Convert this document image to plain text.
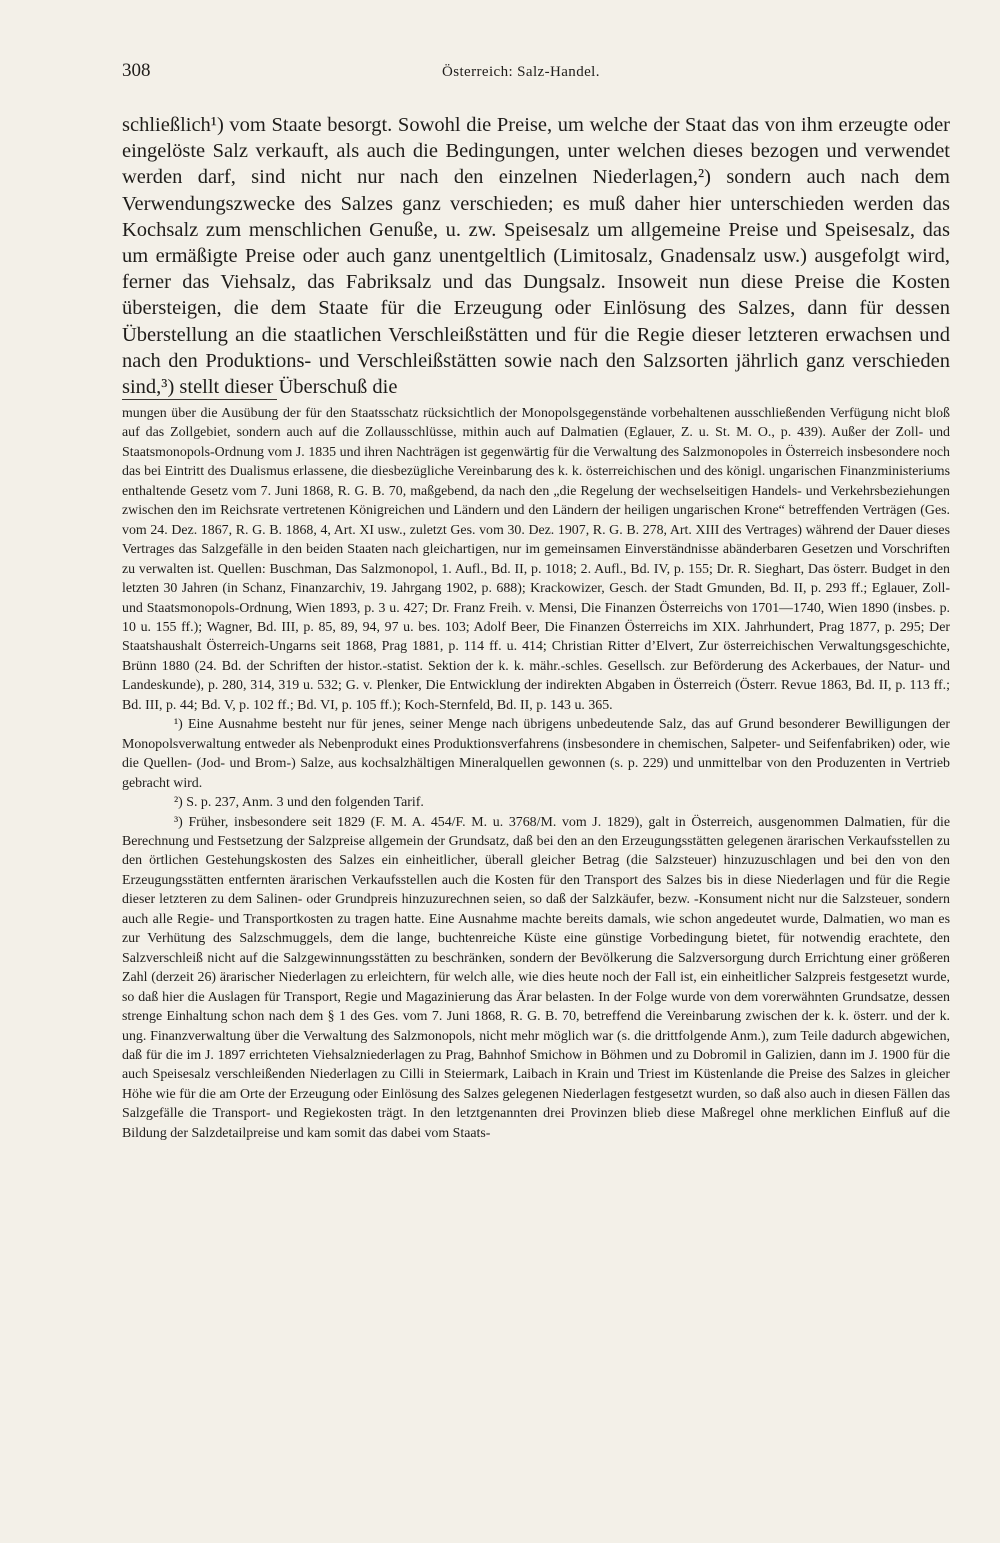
308	Österreich: Salz-Handel.

schließlich¹) vom Staate besorgt. Sowohl die Preise, um welche der Staat das von ihm erzeugte oder eingelöste Salz verkauft, als auch die Bedingungen, unter welchen dieses bezogen und verwendet werden darf, sind nicht nur nach den einzelnen Niederlagen,²) sondern auch nach dem Verwendungszwecke des Salzes ganz verschieden; es muß daher hier unterschieden werden das Kochsalz zum menschlichen Genuße, u. zw. Speisesalz um allgemeine Preise und Speisesalz, das um ermäßigte Preise oder auch ganz unentgeltlich (Limitosalz, Gnadensalz usw.) ausgefolgt wird, ferner das Viehsalz, das Fabriksalz und das Dungsalz. Insoweit nun diese Preise die Kosten übersteigen, die dem Staate für die Erzeugung oder Einlösung des Salzes, dann für dessen Überstellung an die staatlichen Verschleißstätten und für die Regie dieser letzteren erwachsen und nach den Produktions- und Verschleißstätten sowie nach den Salzsorten jährlich ganz verschieden sind,³) stellt dieser Überschuß die

mungen über die Ausübung der für den Staatsschatz rücksichtlich der Monopolsgegenstände vorbehaltenen ausschließenden Verfügung nicht bloß auf das Zollgebiet, sondern auch auf die Zollausschlüsse, mithin auch auf Dalmatien (Eglauer, Z. u. St. M. O., p. 439). Außer der Zoll- und Staatsmonopols-Ordnung vom J. 1835 und ihren Nachträgen ist gegenwärtig für die Verwaltung des Salzmonopoles in Österreich insbesondere noch das bei Eintritt des Dualismus erlassene, die diesbezügliche Vereinbarung des k. k. österreichischen und des königl. ungarischen Finanzministeriums enthaltende Gesetz vom 7. Juni 1868, R. G. B. 70, maßgebend, da nach den „die Regelung der wechselseitigen Handels- und Verkehrsbeziehungen zwischen den im Reichsrate vertretenen Königreichen und Ländern und den Ländern der heiligen ungarischen Krone“ betreffenden Verträgen (Ges. vom 24. Dez. 1867, R. G. B. 1868, 4, Art. XI usw., zuletzt Ges. vom 30. Dez. 1907, R. G. B. 278, Art. XIII des Vertrages) während der Dauer dieses Vertrages das Salzgefälle in den beiden Staaten nach gleichartigen, nur im gemeinsamen Einverständnisse abänderbaren Gesetzen und Vorschriften zu verwalten ist. Quellen: Buschman, Das Salzmonopol, 1. Aufl., Bd. II, p. 1018; 2. Aufl., Bd. IV, p. 155; Dr. R. Sieghart, Das österr. Budget in den letzten 30 Jahren (in Schanz, Finanzarchiv, 19. Jahrgang 1902, p. 688); Krackowizer, Gesch. der Stadt Gmunden, Bd. II, p. 293 ff.; Eglauer, Zoll- und Staatsmonopols-Ordnung, Wien 1893, p. 3 u. 427; Dr. Franz Freih. v. Mensi, Die Finanzen Österreichs von 1701—1740, Wien 1890 (insbes. p. 10 u. 155 ff.); Wagner, Bd. III, p. 85, 89, 94, 97 u. bes. 103; Adolf Beer, Die Finanzen Österreichs im XIX. Jahrhundert, Prag 1877, p. 295; Der Staatshaushalt Österreich-Ungarns seit 1868, Prag 1881, p. 114 ff. u. 414; Christian Ritter d’Elvert, Zur österreichischen Verwaltungsgeschichte, Brünn 1880 (24. Bd. der Schriften der histor.-statist. Sektion der k. k. mähr.-schles. Gesellsch. zur Beförderung des Ackerbaues, der Natur- und Landeskunde), p. 280, 314, 319 u. 532; G. v. Plenker, Die Entwicklung der indirekten Abgaben in Österreich (Österr. Revue 1863, Bd. II, p. 113 ff.; Bd. III, p. 44; Bd. V, p. 102 ff.; Bd. VI, p. 105 ff.); Koch-Sternfeld, Bd. II, p. 143 u. 365.

¹) Eine Ausnahme besteht nur für jenes, seiner Menge nach übrigens unbedeutende Salz, das auf Grund besonderer Bewilligungen der Monopolsverwaltung entweder als Nebenprodukt eines Produktionsverfahrens (insbesondere in chemischen, Salpeter- und Seifenfabriken) oder, wie die Quellen- (Jod- und Brom-) Salze, aus kochsalzhältigen Mineralquellen gewonnen (s. p. 229) und unmittelbar von den Produzenten in Vertrieb gebracht wird.

²) S. p. 237, Anm. 3 und den folgenden Tarif.

³) Früher, insbesondere seit 1829 (F. M. A. 454/F. M. u. 3768/M. vom J. 1829), galt in Österreich, ausgenommen Dalmatien, für die Berechnung und Festsetzung der Salzpreise allgemein der Grundsatz, daß bei den an den Erzeugungsstätten gelegenen ärarischen Verkaufsstellen zu den örtlichen Gestehungskosten des Salzes ein einheitlicher, überall gleicher Betrag (die Salzsteuer) hinzuzuschlagen und bei den von den Erzeugungsstätten entfernten ärarischen Verkaufsstellen auch die Kosten für den Transport des Salzes bis in diese Niederlagen und für die Regie dieser letzteren zu dem Salinen- oder Grundpreis hinzuzurechnen seien, so daß der Salzkäufer, bezw. -Konsument nicht nur die Salzsteuer, sondern auch alle Regie- und Transportkosten zu tragen hatte. Eine Ausnahme machte bereits damals, wie schon angedeutet wurde, Dalmatien, wo man es zur Verhütung des Salzschmuggels, dem die lange, buchtenreiche Küste eine günstige Vorbedingung bietet, für notwendig erachtete, den Salzverschleiß nicht auf die Salzgewinnungsstätten zu beschränken, sondern der Bevölkerung die Salzversorgung durch Errichtung einer größeren Zahl (derzeit 26) ärarischer Niederlagen zu erleichtern, für welch alle, wie dies heute noch der Fall ist, ein einheitlicher Salzpreis festgesetzt wurde, so daß hier die Auslagen für Transport, Regie und Magazinierung das Ärar belasten. In der Folge wurde von dem vorerwähnten Grundsatze, dessen strenge Einhaltung schon nach dem § 1 des Ges. vom 7. Juni 1868, R. G. B. 70, betreffend die Vereinbarung zwischen der k. k. österr. und der k. ung. Finanzverwaltung über die Verwaltung des Salzmonopols, nicht mehr möglich war (s. die drittfolgende Anm.), zum Teile dadurch abgewichen, daß für die im J. 1897 errichteten Viehsalzniederlagen zu Prag, Bahnhof Smichow in Böhmen und zu Dobromil in Galizien, dann im J. 1900 für die auch Speisesalz verschleißenden Niederlagen zu Cilli in Steiermark, Laibach in Krain und Triest im Küstenlande die Preise des Salzes in gleicher Höhe wie für die am Orte der Erzeugung oder Einlösung des Salzes gelegenen Niederlagen festgesetzt wurden, so daß also auch in diesen Fällen das Salzgefälle die Transport- und Regiekosten trägt. In den letztgenannten drei Provinzen blieb diese Maßregel ohne merklichen Einfluß auf die Bildung der Salzdetailpreise und kam somit das dabei vom Staats-
